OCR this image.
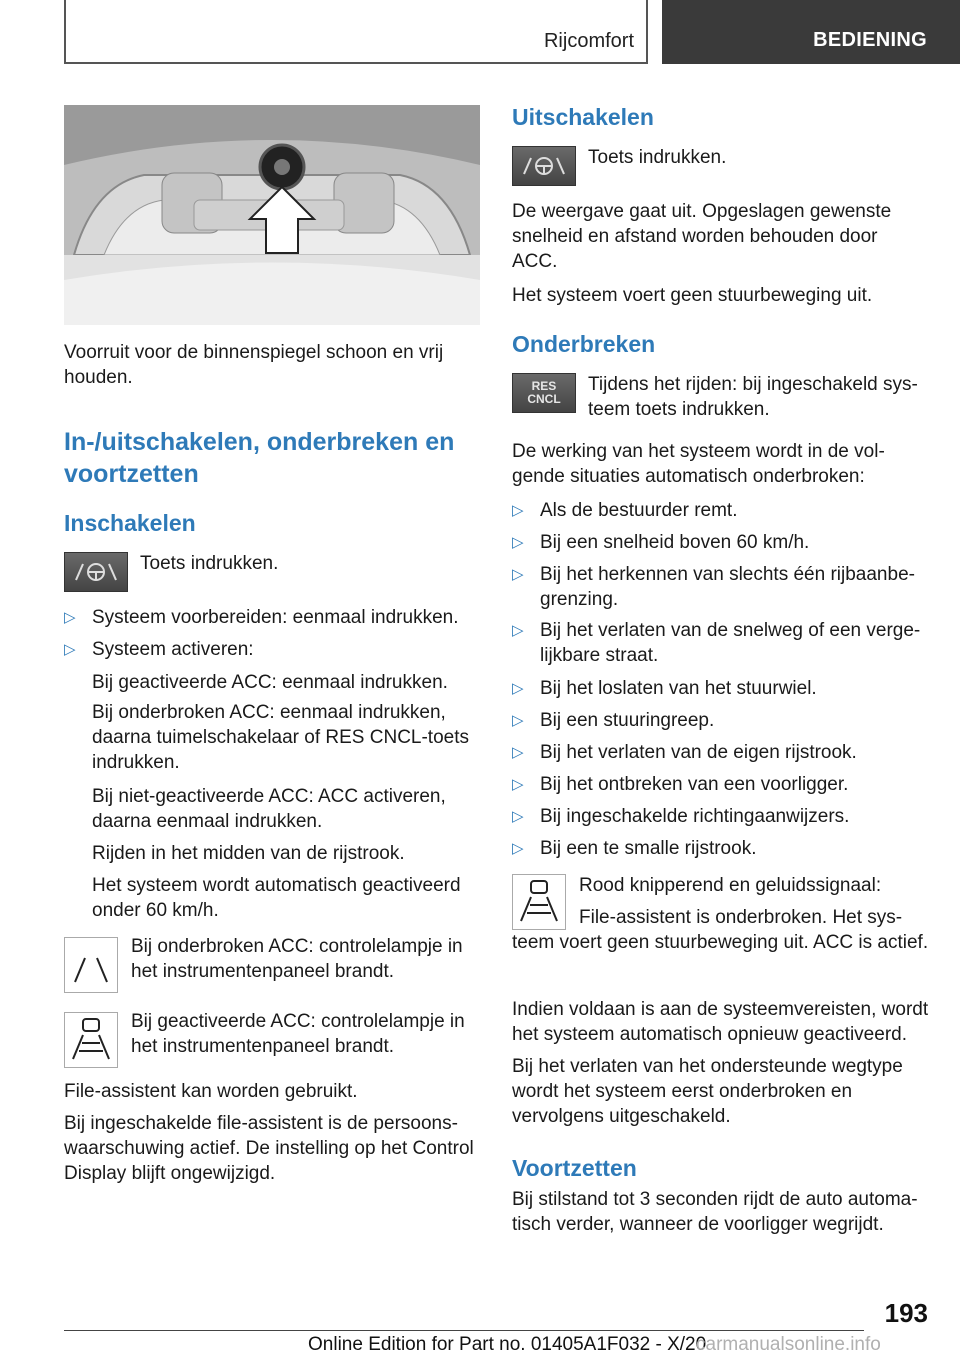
Rijcomfort	BEDIENING

Voorruit voor de binnenspiegel schoon en vrij houden.

In-/uitschakelen, onderbreken en voortzetten
Inschakelen

Toets indrukken.

▷ Systeem voorbereiden: eenmaal indrukken.
▷ Systeem activeren:

Bij geactiveerde ACC: eenmaal indrukken.

Bij onderbroken ACC: eenmaal indrukken, daarna tuimelschakelaar of RES CNCL-toets indrukken.

Bij niet-geactiveerde ACC: ACC activeren, daarna eenmaal indrukken.

Rijden in het midden van de rijstrook.

Het systeem wordt automatisch geactiveerd onder 60 km/h.

Bij onderbroken ACC: controlelampje in het instrumentenpaneel brandt.

Bij geactiveerde ACC: controlelampje in het instrumentenpaneel brandt.

File-assistent kan worden gebruikt.

Bij ingeschakelde file-assistent is de persoonswaarschuwing actief. De instelling op het Control Display blijft ongewijzigd.

Uitschakelen

Toets indrukken.

De weergave gaat uit. Opgeslagen gewenste snelheid en afstand worden behouden door ACC.

Het systeem voert geen stuurbeweging uit.

Onderbreken
RES
CNCL

Tijdens het rijden: bij ingeschakeld systeem toets indrukken.

De werking van het systeem wordt in de volgende situaties automatisch onderbroken:

▷ Als de bestuurder remt.
▷ Bij een snelheid boven 60 km/h.
▷ Bij het herkennen van slechts één rijbaanbegrenzing.
▷ Bij het verlaten van de snelweg of een vergelijkbare straat.
▷ Bij het loslaten van het stuurwiel.
▷ Bij een stuuringreep.
▷ Bij het verlaten van de eigen rijstrook.
▷ Bij het ontbreken van een voorligger.
▷ Bij ingeschakelde richtingaanwijzers.
▷ Bij een te smalle rijstrook.

Rood knipperend en geluidssignaal:

File-assistent is onderbroken. Het systeem voert geen stuurbeweging uit. ACC is actief.

Indien voldaan is aan de systeemvereisten, wordt het systeem automatisch opnieuw geactiveerd.

Bij het verlaten van het ondersteunde wegtype wordt het systeem eerst onderbroken en vervolgens uitgeschakeld.

Voortzetten

Bij stilstand tot 3 seconden rijdt de auto automatisch verder, wanneer de voorligger wegrijdt.

193
Online Edition for Part no. 01405A1F032 - X/20
carmanualsonline.info
